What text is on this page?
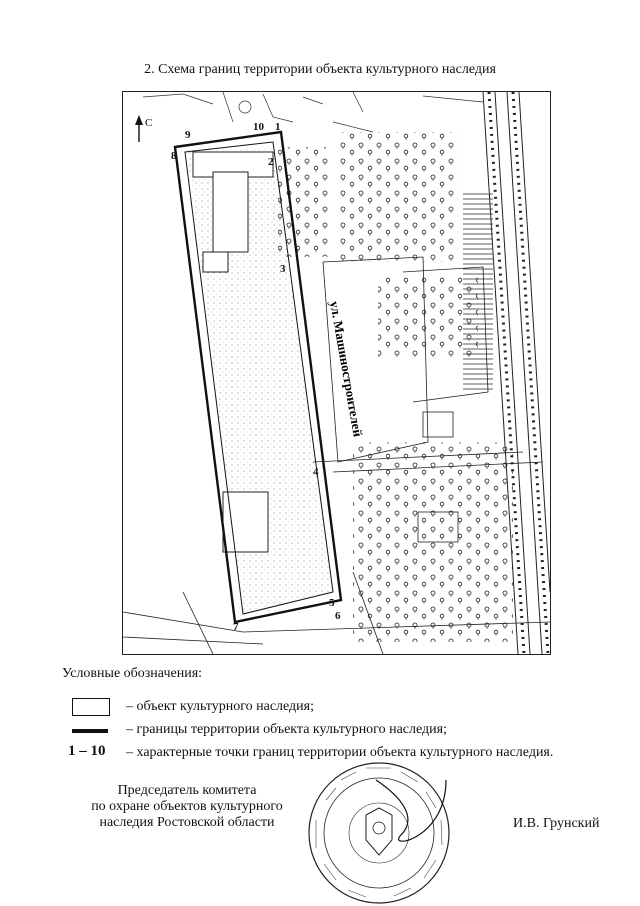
2. Схема границ территории объекта культурного наследия
С
ул. Машиностроителей
1
2
3
4
5
6
7
8
9
10
Условные обозначения:
– объект культурного наследия;
– границы территории объекта культурного наследия;
1 – 10 – характерные точки границ территории объекта культурного наследия.
Председатель комитета
по охране объектов культурного
наследия Ростовской области	И.В. Грунский
